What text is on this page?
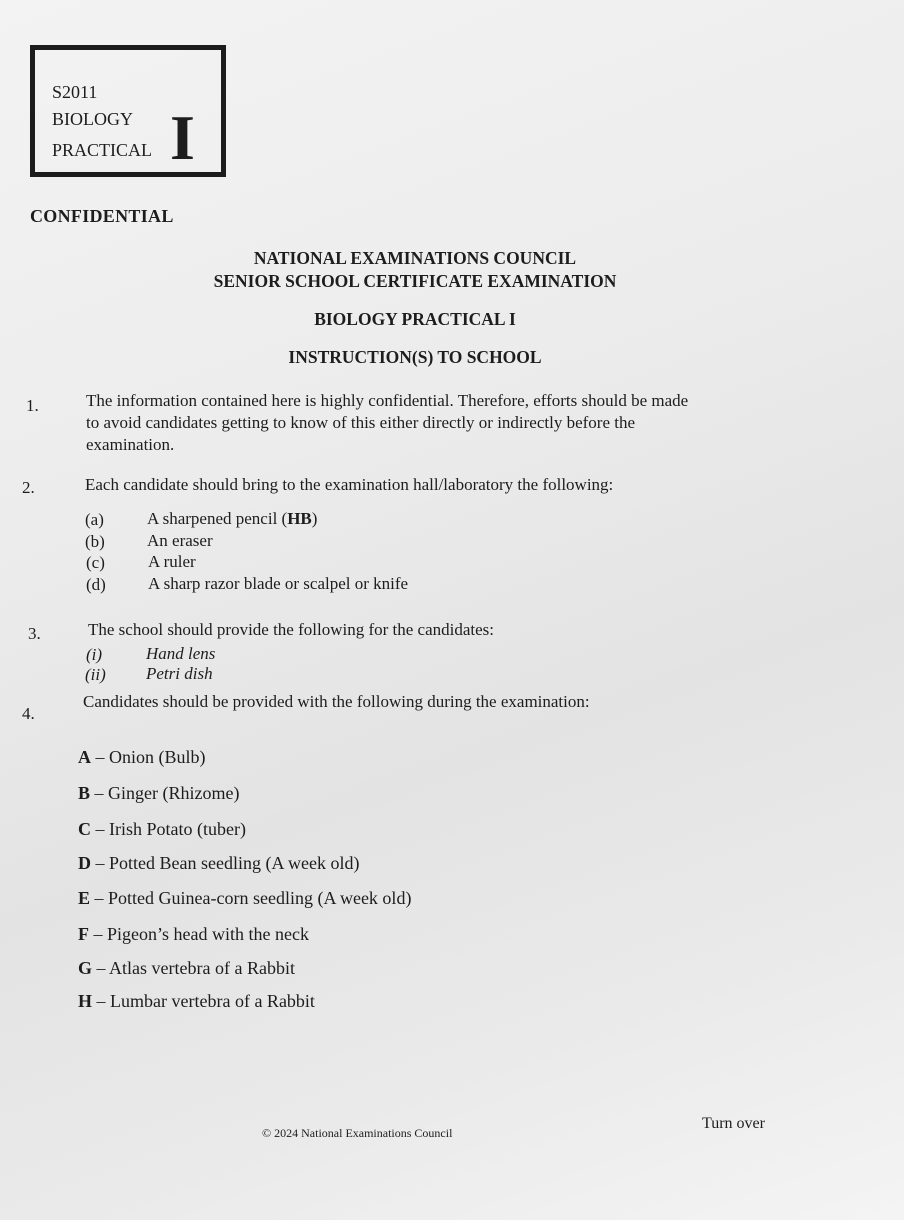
S2011
BIOLOGY
PRACTICAL I
CONFIDENTIAL
NATIONAL EXAMINATIONS COUNCIL
SENIOR SCHOOL CERTIFICATE EXAMINATION
BIOLOGY PRACTICAL I
INSTRUCTION(S) TO SCHOOL
1.	The information contained here is highly confidential. Therefore, efforts should be made
to avoid candidates getting to know of this either directly or indirectly before the
examination.
2.	Each candidate should bring to the examination hall/laboratory the following:
(a)	A sharpened pencil (HB)
(b) An eraser
(c)	A ruler
(d) A sharp razor blade or scalpel or knife
3.	The school should provide the following for the candidates:
(i)	Hand lens
(ii) Petri dish
4.
Candidates should be provided with the following during the examination:
A – Onion (Bulb)
B – Ginger (Rhizome)
C – Irish Potato (tuber)
D – Potted Bean seedling (A week old)
E – Potted Guinea-corn seedling (A week old)
F – Pigeon’s head with the neck
G – Atlas vertebra of a Rabbit
H – Lumbar vertebra of a Rabbit
© 2024 National Examinations Council
Turn over
